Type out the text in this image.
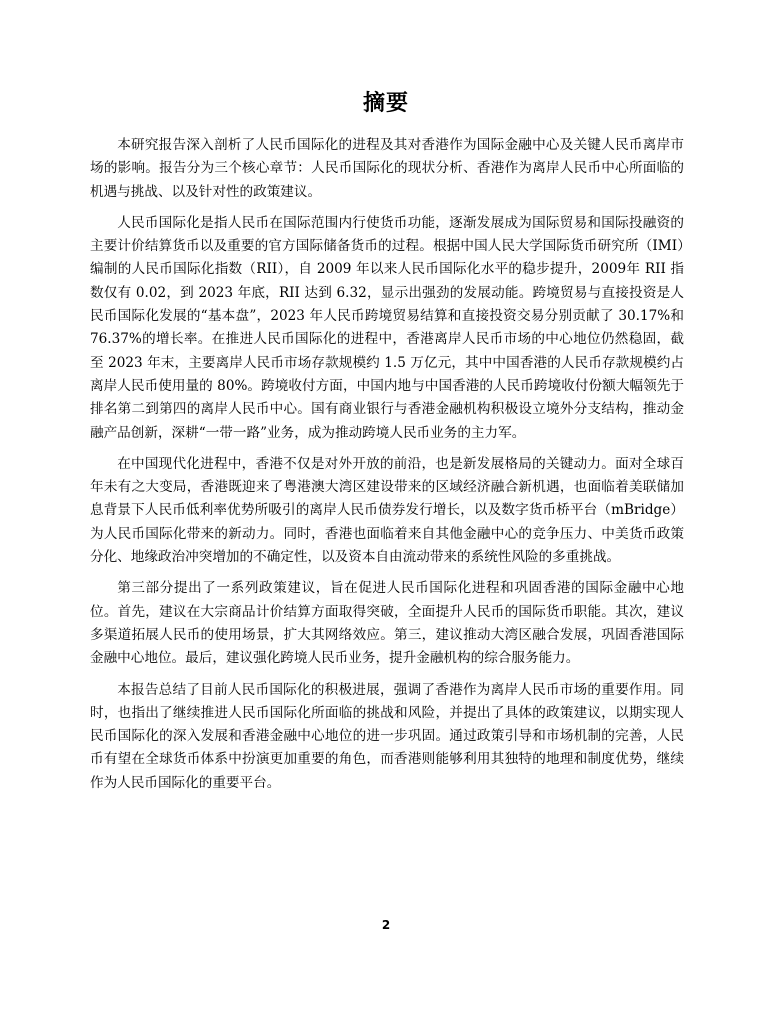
摘要

本研究报告深入剖析了人民币国际化的进程及其对香港作为国际金融中心及关键人民币离岸市场的影响。报告分为三个核心章节：人民币国际化的现状分析、香港作为离岸人民币中心所面临的机遇与挑战、以及针对性的政策建议。

人民币国际化是指人民币在国际范围内行使货币功能，逐渐发展成为国际贸易和国际投融资的主要计价结算货币以及重要的官方国际储备货币的过程。根据中国人民大学国际货币研究所（IMI）编制的人民币国际化指数（RII），自 2009 年以来人民币国际化水平的稳步提升，2009年 RII 指数仅有 0.02，到 2023 年底，RII 达到 6.32，显示出强劲的发展动能。跨境贸易与直接投资是人民币国际化发展的“基本盘”，2023 年人民币跨境贸易结算和直接投资交易分别贡献了 30.17%和 76.37%的增长率。在推进人民币国际化的进程中，香港离岸人民币市场的中心地位仍然稳固，截至 2023 年末，主要离岸人民币市场存款规模约 1.5 万亿元，其中中国香港的人民币存款规模约占离岸人民币使用量的 80%。跨境收付方面，中国内地与中国香港的人民币跨境收付份额大幅领先于排名第二到第四的离岸人民币中心。国有商业银行与香港金融机构积极设立境外分支结构，推动金融产品创新，深耕“一带一路”业务，成为推动跨境人民币业务的主力军。

在中国现代化进程中，香港不仅是对外开放的前沿，也是新发展格局的关键动力。面对全球百年未有之大变局，香港既迎来了粤港澳大湾区建设带来的区域经济融合新机遇，也面临着美联储加息背景下人民币低利率优势所吸引的离岸人民币债券发行增长，以及数字货币桥平台（mBridge）为人民币国际化带来的新动力。同时，香港也面临着来自其他金融中心的竞争压力、中美货币政策分化、地缘政治冲突增加的不确定性，以及资本自由流动带来的系统性风险的多重挑战。

第三部分提出了一系列政策建议，旨在促进人民币国际化进程和巩固香港的国际金融中心地位。首先，建议在大宗商品计价结算方面取得突破，全面提升人民币的国际货币职能。其次，建议多渠道拓展人民币的使用场景，扩大其网络效应。第三，建议推动大湾区融合发展，巩固香港国际金融中心地位。最后，建议强化跨境人民币业务，提升金融机构的综合服务能力。

本报告总结了目前人民币国际化的积极进展，强调了香港作为离岸人民币市场的重要作用。同时，也指出了继续推进人民币国际化所面临的挑战和风险，并提出了具体的政策建议，以期实现人民币国际化的深入发展和香港金融中心地位的进一步巩固。通过政策引导和市场机制的完善，人民币有望在全球货币体系中扮演更加重要的角色，而香港则能够利用其独特的地理和制度优势，继续作为人民币国际化的重要平台。

2
